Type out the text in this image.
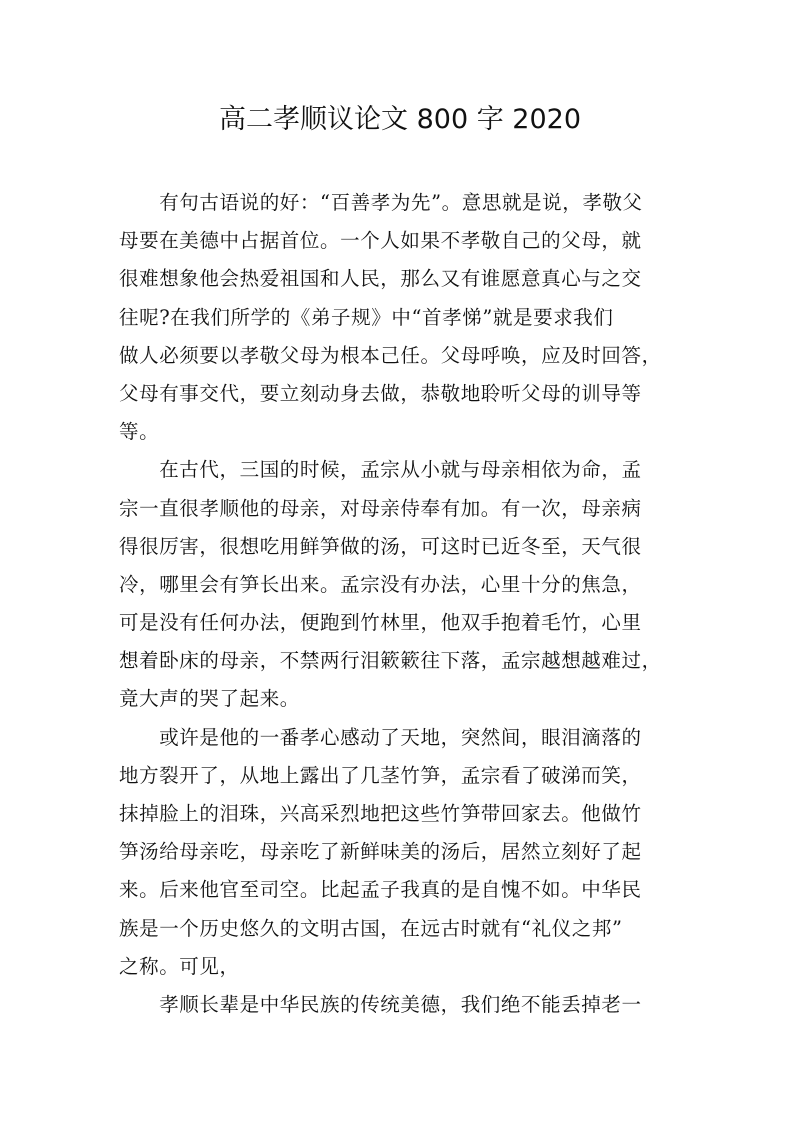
高二孝顺议论文 800 字 2020
　　有句古语说的好：“百善孝为先”。意思就是说，孝敬父
母要在美德中占据首位。一个人如果不孝敬自己的父母，就
很难想象他会热爱祖国和人民，那么又有谁愿意真心与之交
往呢?在我们所学的《弟子规》中“首孝悌”就是要求我们
做人必须要以孝敬父母为根本己任。父母呼唤，应及时回答，
父母有事交代，要立刻动身去做，恭敬地聆听父母的训导等
等。
　　在古代，三国的时候，孟宗从小就与母亲相依为命，孟
宗一直很孝顺他的母亲，对母亲侍奉有加。有一次，母亲病
得很厉害，很想吃用鲜笋做的汤，可这时已近冬至，天气很
冷，哪里会有笋长出来。孟宗没有办法，心里十分的焦急，
可是没有任何办法，便跑到竹林里，他双手抱着毛竹，心里
想着卧床的母亲，不禁两行泪簌簌往下落，孟宗越想越难过，
竟大声的哭了起来。
　　或许是他的一番孝心感动了天地，突然间，眼泪滴落的
地方裂开了，从地上露出了几茎竹笋，孟宗看了破涕而笑，
抹掉脸上的泪珠，兴高采烈地把这些竹笋带回家去。他做竹
笋汤给母亲吃，母亲吃了新鲜味美的汤后，居然立刻好了起
来。后来他官至司空。比起孟子我真的是自愧不如。中华民
族是一个历史悠久的文明古国，在远古时就有“礼仪之邦”
之称。可见，
　　孝顺长辈是中华民族的传统美德，我们绝不能丢掉老一
